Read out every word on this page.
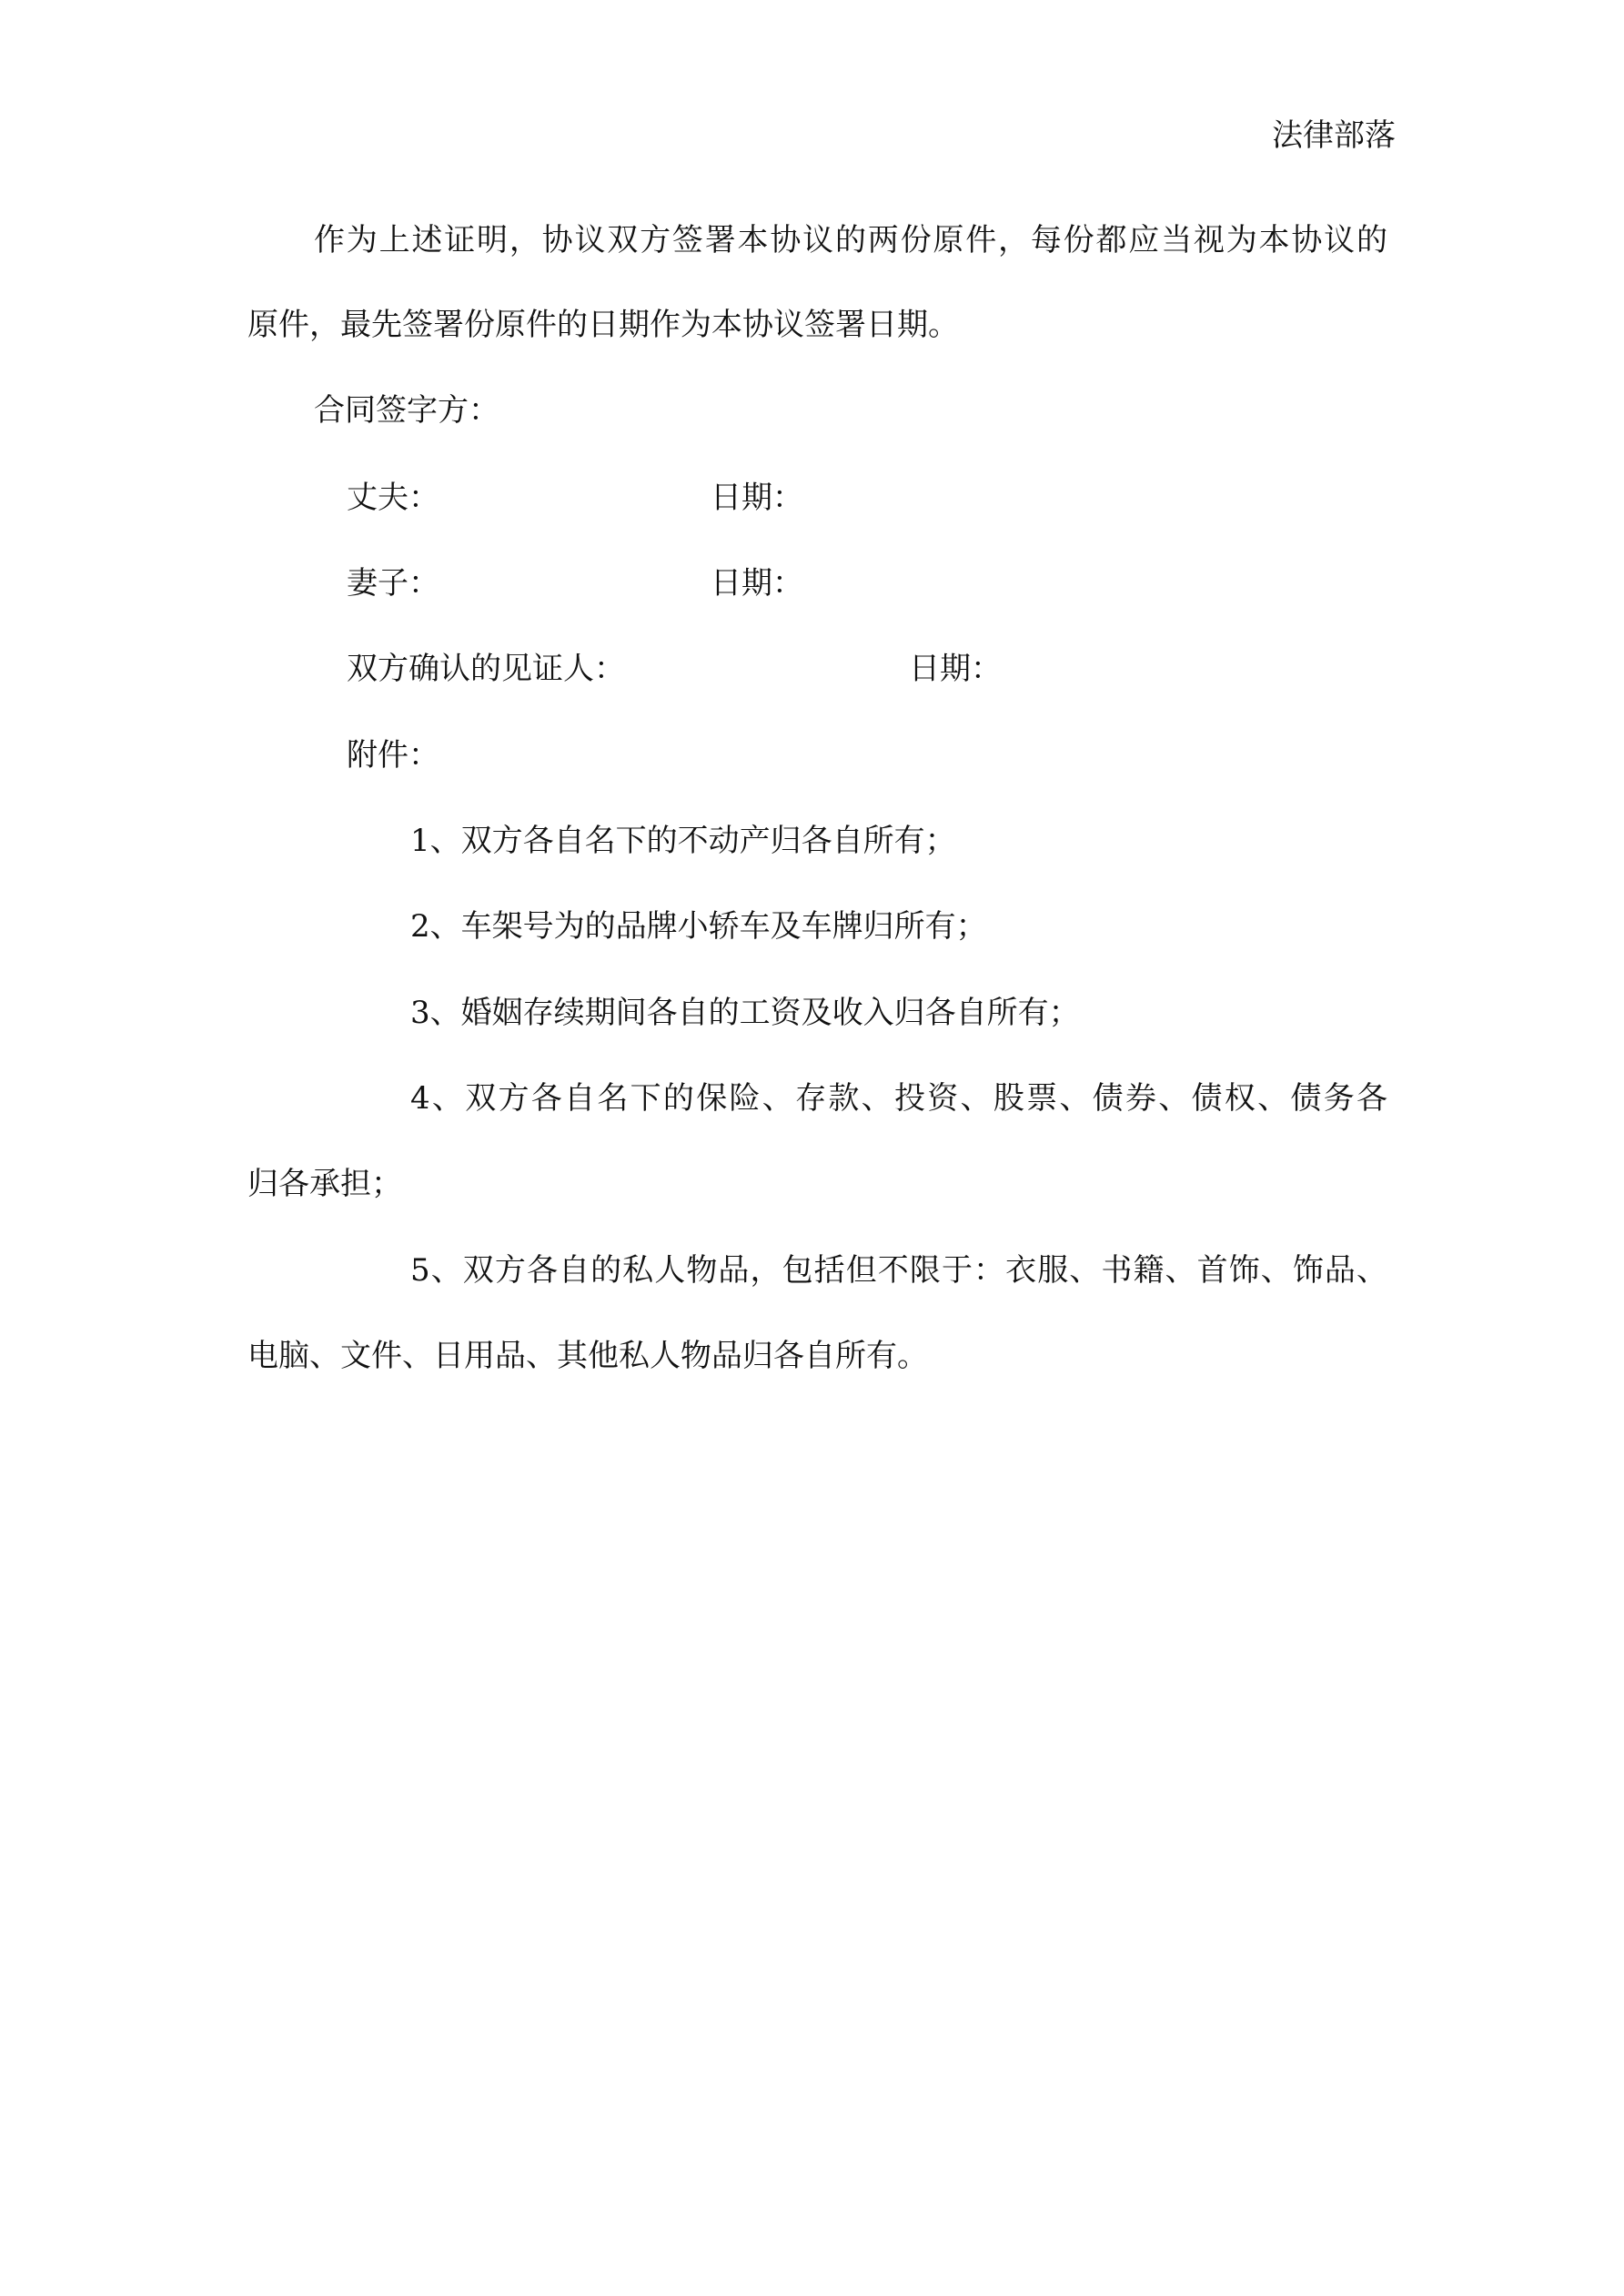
法律部落
作为上述证明，协议双方签署本协议的两份原件，每份都应当视为本协议的
原件，最先签署份原件的日期作为本协议签署日期。
合同签字方：
丈夫：	日期：
妻子：	日期：
双方确认的见证人：	日期：
附件：
1、双方各自名下的不动产归各自所有；
2、车架号为的品牌小轿车及车牌归所有；
3、婚姻存续期间各自的工资及收入归各自所有；
4、双方各自名下的保险、存款、投资、股票、债券、债权、债务各
归各承担；
5、双方各自的私人物品，包括但不限于：衣服、书籍、首饰、饰品、
电脑、文件、日用品、其他私人物品归各自所有。
